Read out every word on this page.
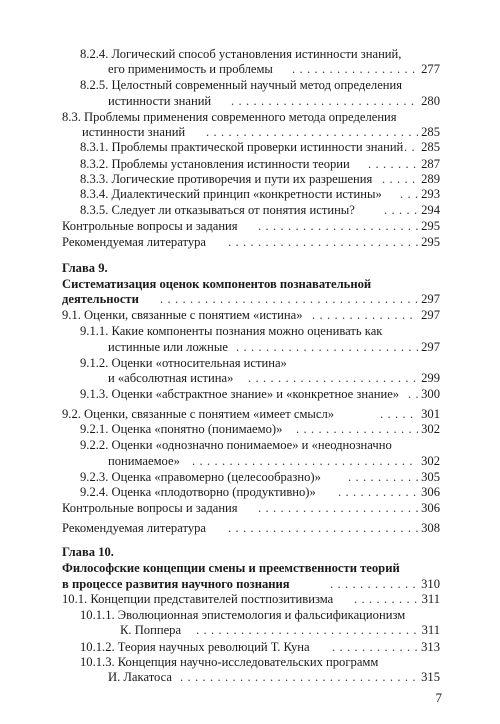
8.2.4. Логический способ установления истинности знаний,
его применимость и проблемы . . .	277
8.2.5. Целостный современный научный метод определения
истинности знаний . . .	280
8.3. Проблемы применения современного метода определения
истинности знаний . . .	285
8.3.1. Проблемы практической проверки истинности знаний . . . 285
8.3.2. Проблемы установления истинности теории . . .	287
8.3.3. Логические противоречия и пути их разрешения . . .	289
8.3.4. Диалектический принцип «конкретности истины» . . .	293
8.3.5. Следует ли отказываться от понятия истины? . . .	294
Контрольные вопросы и задания . . .	295
Рекомендуемая литература . . .	295
Глава 9.
Систематизация оценок компонентов познавательной
деятельности . . .	297
9.1. Оценки, связанные с понятием «истина» . . .	297
9.1.1. Какие компоненты познания можно оценивать как
истинные или ложные . . .	297
9.1.2. Оценки «относительная истина»
и «абсолютная истина» . . .	299
9.1.3. Оценки «абстрактное знание» и «конкретное знание» . . . 300
9.2. Оценки, связанные с понятием «имеет смысл» . . .	301
9.2.1. Оценка «понятно (понимаемо)» . . .	302
9.2.2. Оценки «однозначно понимаемое» и «неоднозначно
понимаемое» . . .	302
9.2.3. Оценка «правомерно (целесообразно)» . . .	305
9.2.4. Оценка «плодотворно (продуктивно)» . . .	306
Контрольные вопросы и задания . . .	306
Рекомендуемая литература . . .	308
Глава 10.
Философские концепции смены и преемственности теорий
в процессе развития научного познания . . .	310
10.1. Концепции представителей постпозитивизма . . .	311
10.1.1. Эволюционная эпистемология и фальсификационизм
К. Поппера . . .	311
10.1.2. Теория научных революций Т. Куна . . .	313
10.1.3. Концепция научно-исследовательских программ
И. Лакатоса . . .	315
7
